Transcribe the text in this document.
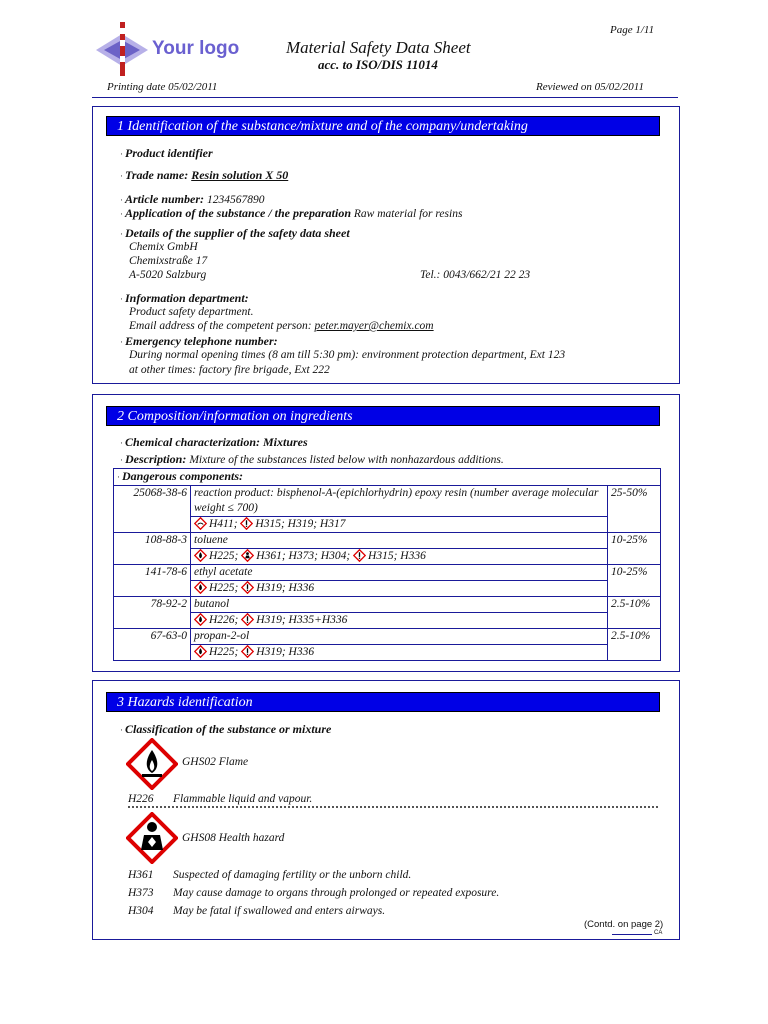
Page 1/11
Your logo	Material Safety Data Sheet
acc. to ISO/DIS 11014
Printing date 05/02/2011	Reviewed on 05/02/2011
1 Identification of the substance/mixture and of the company/undertaking
· Product identifier
· Trade name: Resin solution X 50
· Article number: 1234567890
· Application of the substance / the preparation Raw material for resins
· Details of the supplier of the safety data sheet
Chemix GmbH
Chemixstraße 17
A-5020 Salzburg	Tel.: 0043/662/21 22 23
· Information department:
Product safety department.
Email address of the competent person: peter.mayer@chemix.com
· Emergency telephone number:
During normal opening times (8 am till 5:30 pm): environment protection department, Ext 123
at other times: factory fire brigade, Ext 222
2 Composition/information on ingredients
· Chemical characterization: Mixtures
· Description: Mixture of the substances listed below with nonhazardous additions.
· Dangerous components:		
25068-38-6	reaction product: bisphenol-A-(epichlorhydrin) epoxy resin (number average molecular weight ≤ 700)	25-50%
	H411; H315; H319; H317	
108-88-3	toluene	10-25%
	H225; H361; H373; H304; H315; H336	
141-78-6	ethyl acetate	10-25%
	H225; H319; H336	
78-92-2	butanol	2.5-10%
	H226; H319; H335+H336	
67-63-0	propan-2-ol	2.5-10%
	H225; H319; H336	
3 Hazards identification
· Classification of the substance or mixture
GHS02 Flame
H226 Flammable liquid and vapour.
GHS08 Health hazard
H361 Suspected of damaging fertility or the unborn child.
H373 May cause damage to organs through prolonged or repeated exposure.
H304 May be fatal if swallowed and enters airways.
(Contd. on page 2)
CA
